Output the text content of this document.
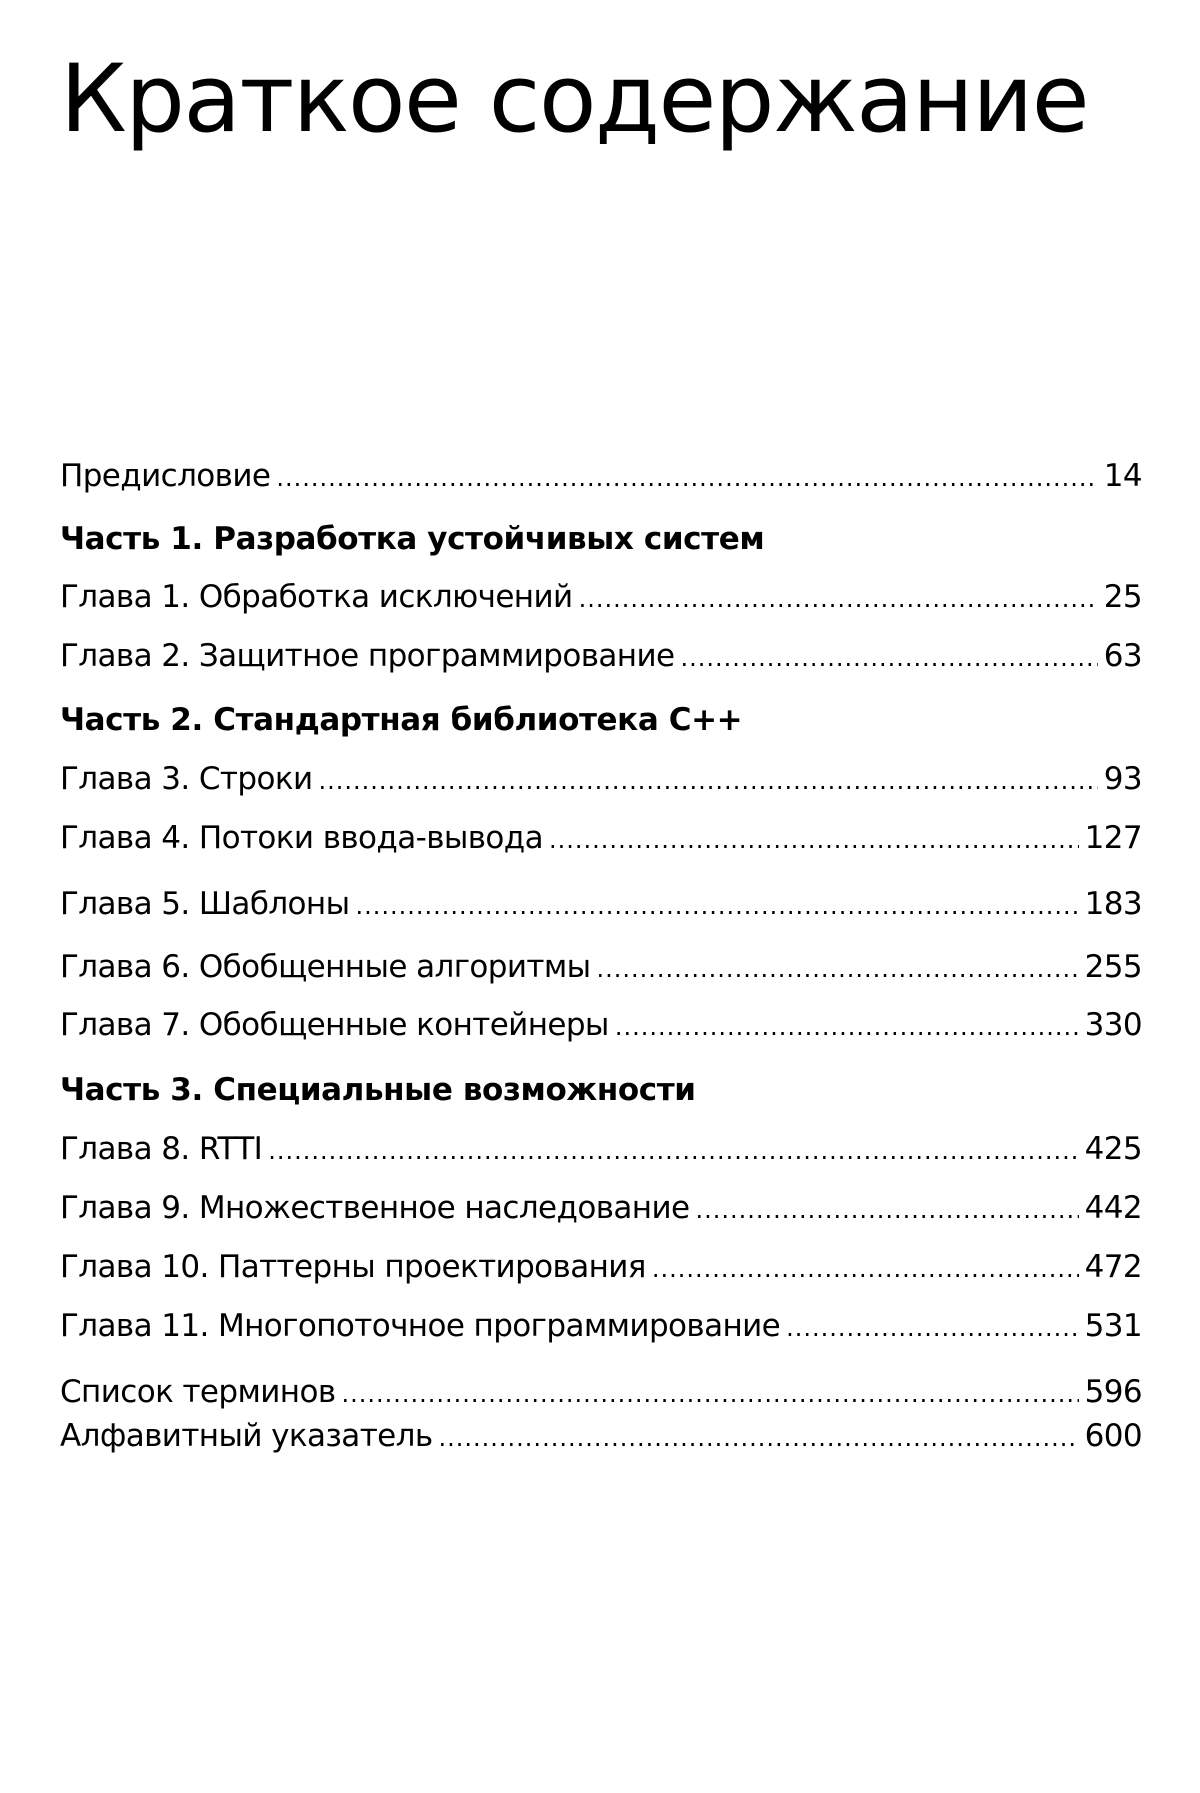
Краткое содержание
Предисловие .....	14
Часть 1. Разработка устойчивых систем
Глава 1. Обработка исключений .....	25
Глава 2. Защитное программирование .....	63
Часть 2. Стандартная библиотека C++
Глава 3. Строки .....	93
Глава 4. Потоки ввода-вывода .....	127
Глава 5. Шаблоны .....	183
Глава 6. Обобщенные алгоритмы .....	255
Глава 7. Обобщенные контейнеры .....	330
Часть 3. Специальные возможности
Глава 8. RTTI .....	425
Глава 9. Множественное наследование .....	442
Глава 10. Паттерны проектирования .....	472
Глава 11. Многопоточное программирование .....	531
Список терминов .....	596
Алфавитный указатель .....	600
